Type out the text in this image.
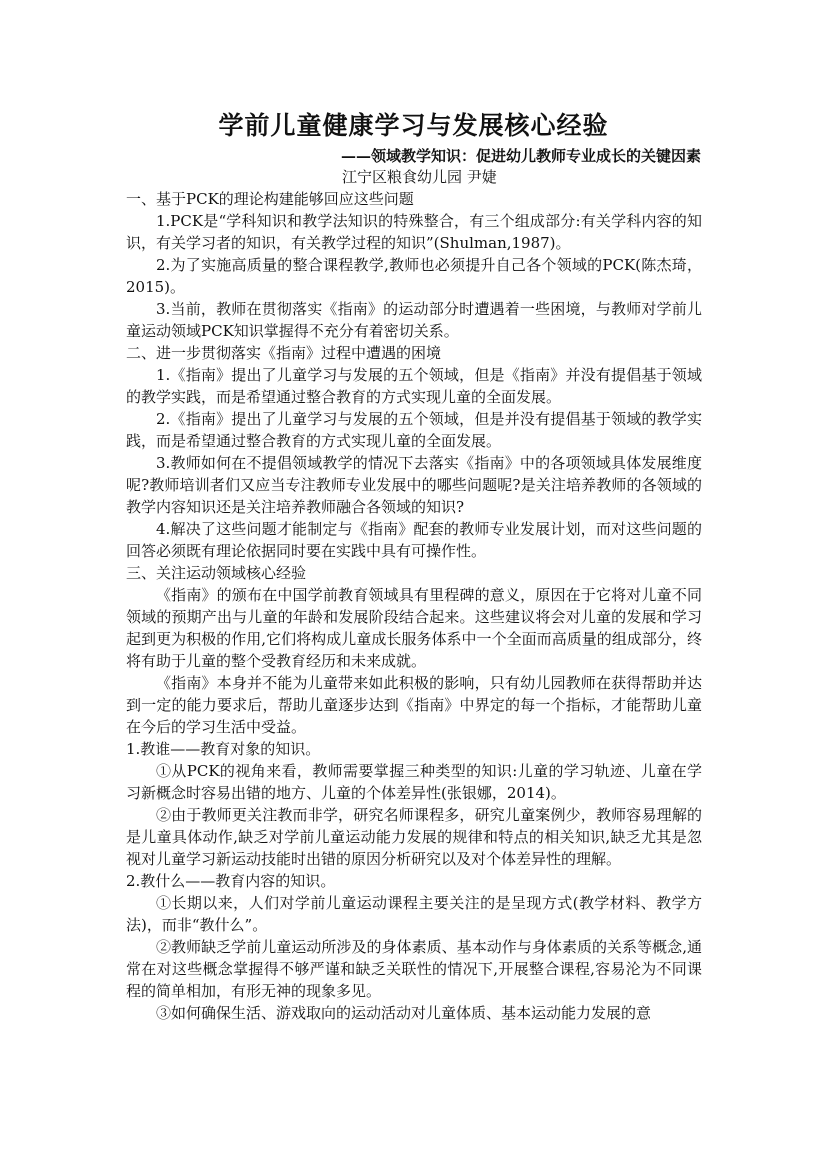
学前儿童健康学习与发展核心经验

——领域教学知识：促进幼儿教师专业成长的关键因素

江宁区粮食幼儿园 尹婕

一、基于PCK的理论构建能够回应这些问题

1.PCK是“学科知识和教学法知识的特殊整合，有三个组成部分:有关学科内容的知识，有关学习者的知识，有关教学过程的知识”(Shulman,1987)。

2.为了实施高质量的整合课程教学,教师也必须提升自己各个领域的PCK(陈杰琦，2015)。

3.当前，教师在贯彻落实《指南》的运动部分时遭遇着一些困境，与教师对学前儿童运动领域PCK知识掌握得不充分有着密切关系。

二、进一步贯彻落实《指南》过程中遭遇的困境

1.《指南》提出了儿童学习与发展的五个领域，但是《指南》并没有提倡基于领域的教学实践，而是希望通过整合教育的方式实现儿童的全面发展。

2.《指南》提出了儿童学习与发展的五个领域，但是并没有提倡基于领域的教学实践，而是希望通过整合教育的方式实现儿童的全面发展。

3.教师如何在不提倡领域教学的情况下去落实《指南》中的各项领域具体发展维度呢?教师培训者们又应当专注教师专业发展中的哪些问题呢?是关注培养教师的各领域的教学内容知识还是关注培养教师融合各领域的知识?

4.解决了这些问题才能制定与《指南》配套的教师专业发展计划，而对这些问题的回答必须既有理论依据同时要在实践中具有可操作性。

三、关注运动领域核心经验

《指南》的颁布在中国学前教育领域具有里程碑的意义，原因在于它将对儿童不同领域的预期产出与儿童的年龄和发展阶段结合起来。这些建议将会对儿童的发展和学习起到更为积极的作用,它们将构成儿童成长服务体系中一个全面而高质量的组成部分，终将有助于儿童的整个受教育经历和未来成就。

《指南》本身并不能为儿童带来如此积极的影响，只有幼儿园教师在获得帮助并达到一定的能力要求后，帮助儿童逐步达到《指南》中界定的每一个指标，才能帮助儿童在今后的学习生活中受益。

1.教谁——教育对象的知识。

①从PCK的视角来看，教师需要掌握三种类型的知识:儿童的学习轨迹、儿童在学习新概念时容易出错的地方、儿童的个体差异性(张银娜，2014)。

②由于教师更关注教而非学，研究名师课程多，研究儿童案例少，教师容易理解的是儿童具体动作,缺乏对学前儿童运动能力发展的规律和特点的相关知识,缺乏尤其是忽视对儿童学习新运动技能时出错的原因分析研究以及对个体差异性的理解。

2.教什么——教育内容的知识。

①长期以来，人们对学前儿童运动课程主要关注的是呈现方式(教学材料、教学方法)，而非“教什么”。

②教师缺乏学前儿童运动所涉及的身体素质、基本动作与身体素质的关系等概念,通常在对这些概念掌握得不够严谨和缺乏关联性的情况下,开展整合课程,容易沦为不同课程的简单相加，有形无神的现象多见。

③如何确保生活、游戏取向的运动活动对儿童体质、基本运动能力发展的意
